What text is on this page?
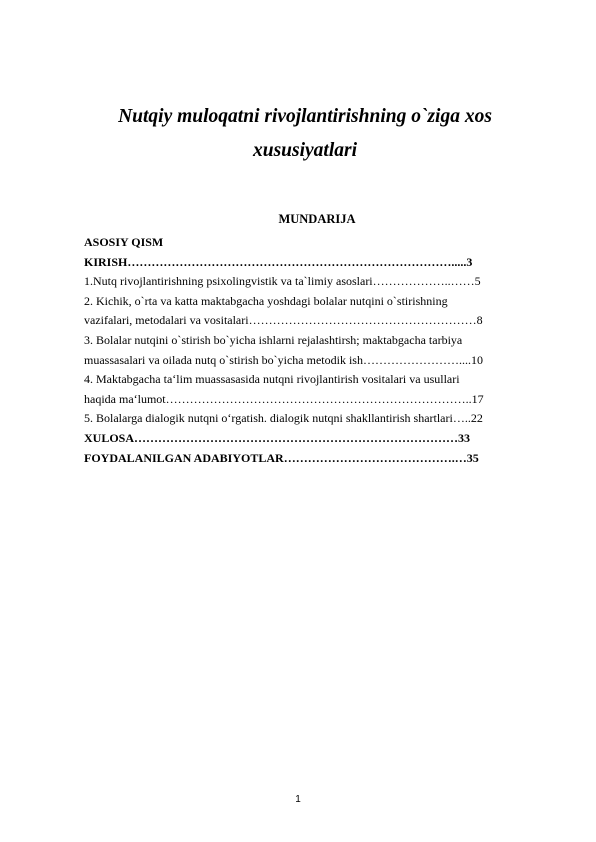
Nutqiy muloqatni rivojlantirishning o`ziga xos
xususiyatlari
MUNDARIJA
ASOSIY QISM
KIRISH……………………………………………………………………….....3
1.Nutq rivojlantirishning psixolingvistik va ta`limiy asoslari………………..……5
2. Kichik, o`rta va katta maktabgacha yoshdagi bolalar nutqini o`stirishning
vazifalari, metodalari va vositalari…………………………………………………8
3. Bolalar nutqini o`stirish bo`yicha ishlarni rejalashtirsh; maktabgacha tarbiya
muassasalari va oilada nutq o`stirish bo`yicha metodik ish……………………....10
4. Maktabgacha ta‘lim muassasasida nutqni rivojlantirish vositalari va usullari
haqida ma‘lumot…………………………………………………………………..17
5. Bolalarga dialogik nutqni o‘rgatish. dialogik nutqni shakllantirish shartlari…..22
XULOSA………………………………………………………………………33
FOYDALANILGAN ADABIYOTLAR…………………………………….…35
1
